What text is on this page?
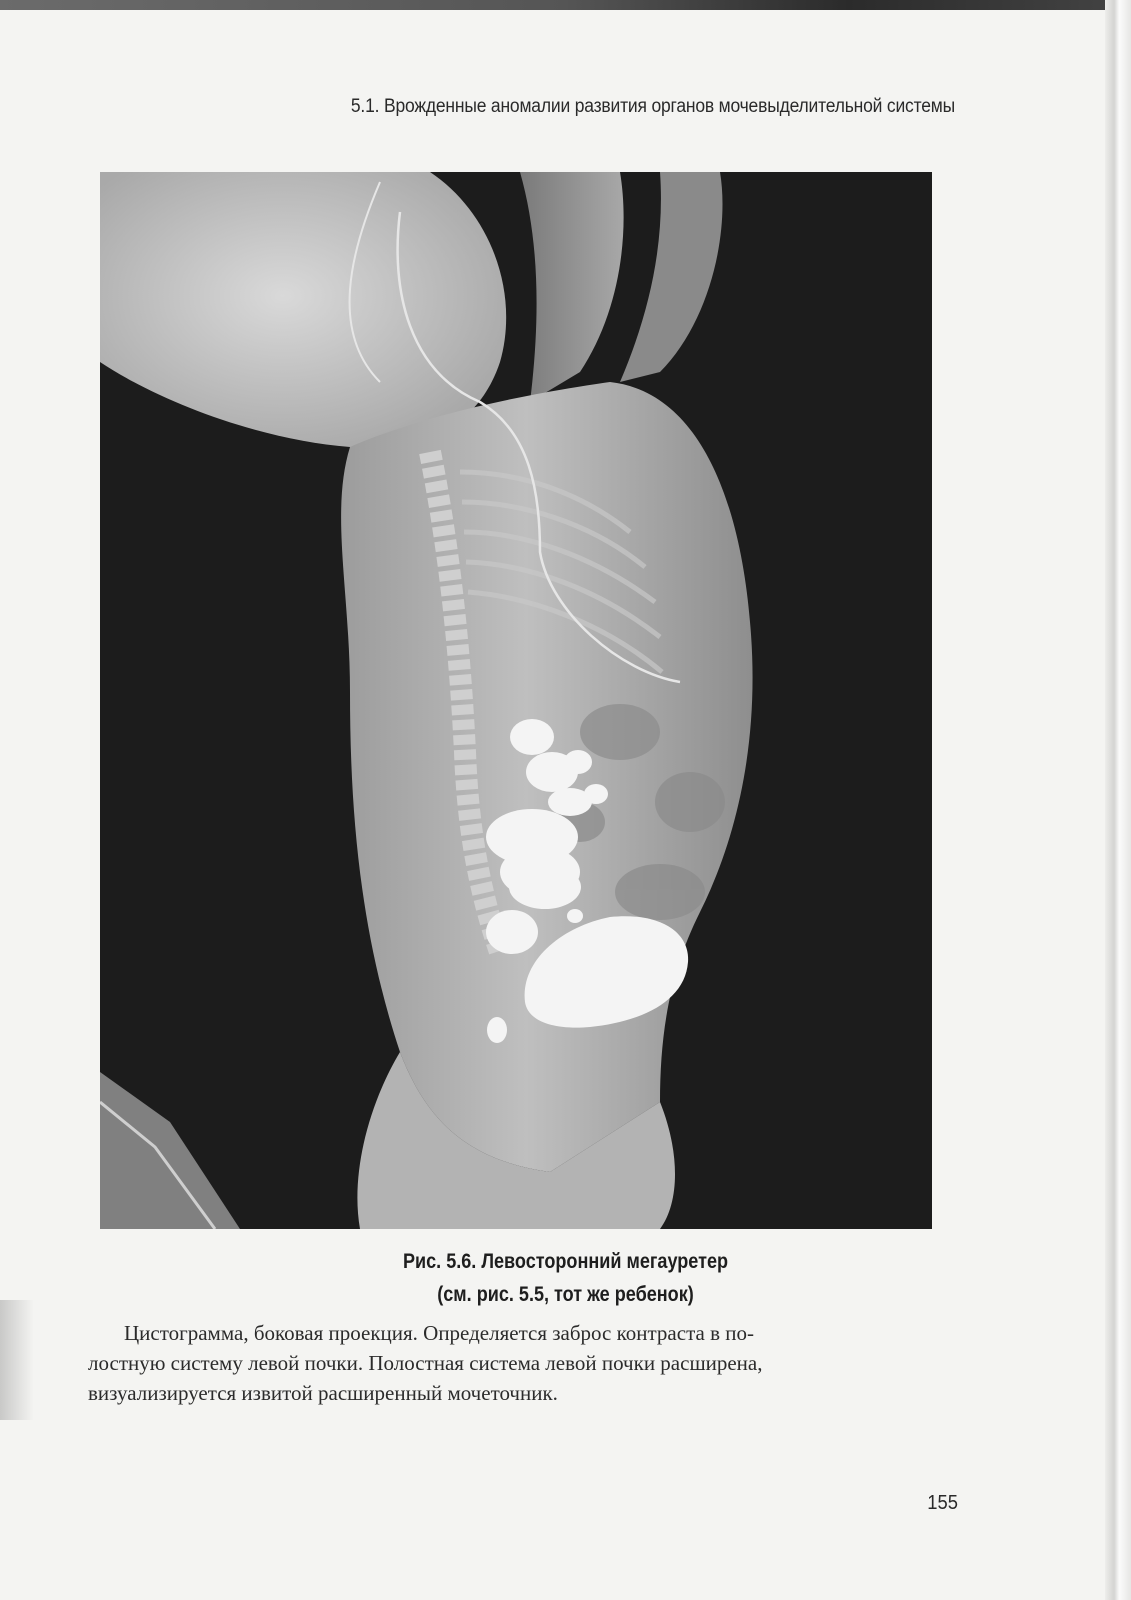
5.1. Врожденные аномалии развития органов мочевыделительной системы
Рис. 5.6. Левосторонний мегауретер
(см. рис. 5.5, тот же ребенок)
Цистограмма, боковая проекция. Определяется заброс контраста в по-
лостную систему левой почки. Полостная система левой почки расширена,
визуализируется извитой расширенный мочеточник.
155
